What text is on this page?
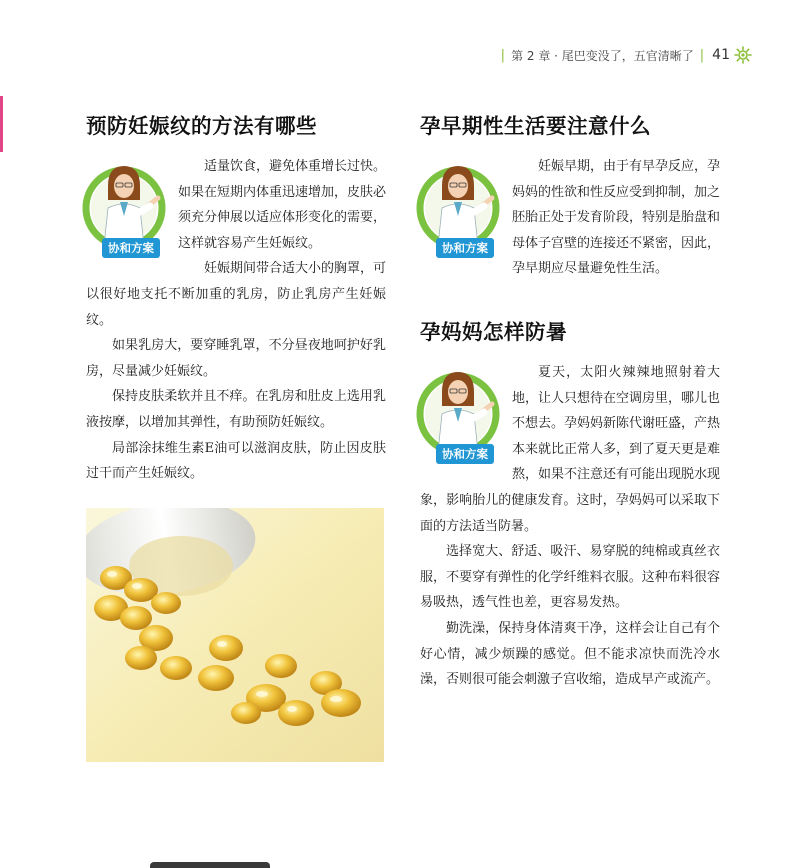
| 第 2 章 · 尾巴变没了，五官清晰了 | 41
预防妊娠纹的方法有哪些
协和方案

适量饮食，避免体重增长过快。如果在短期内体重迅速增加，皮肤必须充分伸展以适应体形变化的需要，这样就容易产生妊娠纹。

妊娠期间带合适大小的胸罩，可以很好地支托不断加重的乳房，防止乳房产生妊娠纹。

如果乳房大，要穿睡乳罩，不分昼夜地呵护好乳房，尽量减少妊娠纹。

保持皮肤柔软并且不痒。在乳房和肚皮上选用乳液按摩，以增加其弹性，有助预防妊娠纹。

局部涂抹维生素E油可以滋润皮肤，防止因皮肤过干而产生妊娠纹。

孕早期性生活要注意什么
协和方案

妊娠早期，由于有早孕反应，孕妈妈的性欲和性反应受到抑制，加之胚胎正处于发育阶段，特别是胎盘和母体子宫壁的连接还不紧密，因此，孕早期应尽量避免性生活。

孕妈妈怎样防暑
协和方案

夏天，太阳火辣辣地照射着大地，让人只想待在空调房里，哪儿也不想去。孕妈妈新陈代谢旺盛，产热本来就比正常人多，到了夏天更是难熬，如果不注意还有可能出现脱水现象，影响胎儿的健康发育。这时，孕妈妈可以采取下面的方法适当防暑。

选择宽大、舒适、吸汗、易穿脱的纯棉或真丝衣服，不要穿有弹性的化学纤维料衣服。这种布料很容易吸热，透气性也差，更容易发热。

勤洗澡，保持身体清爽干净，这样会让自己有个好心情，减少烦躁的感觉。但不能求凉快而洗冷水澡，否则很可能会刺激子宫收缩，造成早产或流产。
